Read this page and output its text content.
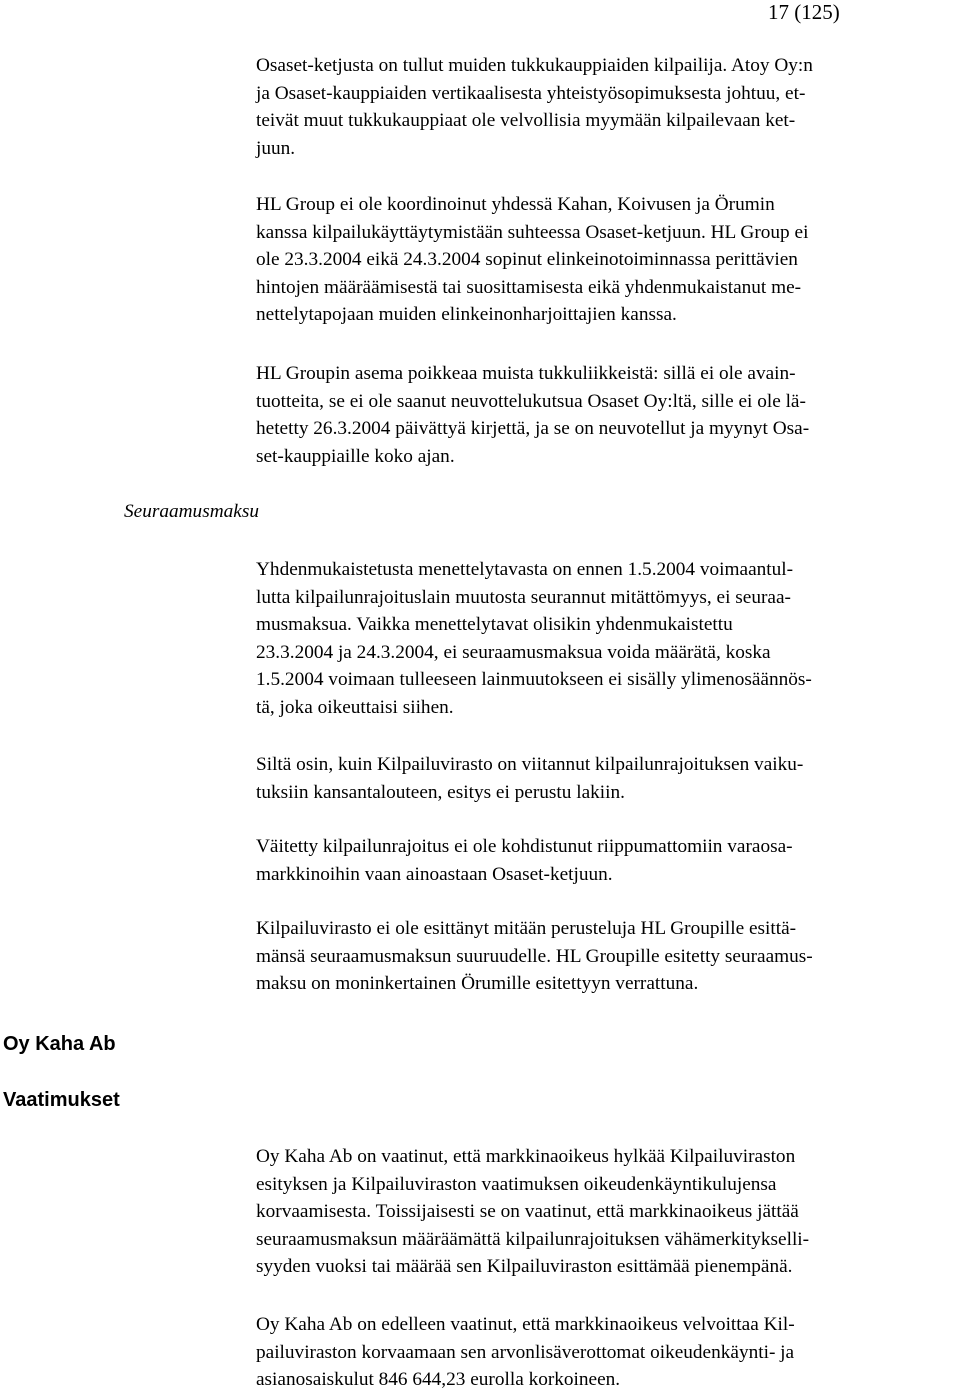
17 (125)
Osaset-ketjusta on tullut muiden tukkukauppiaiden kilpailija. Atoy Oy:n
ja Osaset-kauppiaiden vertikaalisesta yhteistyösopimuksesta johtuu, et-
teivät muut tukkukauppiaat ole velvollisia myymään kilpailevaan ket-
juun.
HL Group ei ole koordinoinut yhdessä Kahan, Koivusen ja Örumin
kanssa kilpailukäyttäytymistään suhteessa Osaset-ketjuun. HL Group ei
ole 23.3.2004 eikä 24.3.2004 sopinut elinkeinotoiminnassa perittävien
hintojen määräämisestä tai suosittamisesta eikä yhdenmukaistanut me-
nettelytapojaan muiden elinkeinonharjoittajien kanssa.
HL Groupin asema poikkeaa muista tukkuliikkeistä: sillä ei ole avain-
tuotteita, se ei ole saanut neuvottelukutsua Osaset Oy:ltä, sille ei ole lä-
hetetty 26.3.2004 päivättyä kirjettä, ja se on neuvotellut ja myynyt Osa-
set-kauppiaille koko ajan.
Seuraamusmaksu
Yhdenmukaistetusta menettelytavasta on ennen 1.5.2004 voimaantul-
lutta kilpailunrajoituslain muutosta seurannut mitättömyys, ei seuraa-
musmaksua. Vaikka menettelytavat olisikin yhdenmukaistettu
23.3.2004 ja 24.3.2004, ei seuraamusmaksua voida määrätä, koska
1.5.2004 voimaan tulleeseen lainmuutokseen ei sisälly ylimenosäännös-
tä, joka oikeuttaisi siihen.
Siltä osin, kuin Kilpailuvirasto on viitannut kilpailunrajoituksen vaiku-
tuksiin kansantalouteen, esitys ei perustu lakiin.
Väitetty kilpailunrajoitus ei ole kohdistunut riippumattomiin varaosa-
markkinoihin vaan ainoastaan Osaset-ketjuun.
Kilpailuvirasto ei ole esittänyt mitään perusteluja HL Groupille esittä-
mänsä seuraamusmaksun suuruudelle. HL Groupille esitetty seuraamus-
maksu on moninkertainen Örumille esitettyyn verrattuna.
Oy Kaha Ab
Vaatimukset
Oy Kaha Ab on vaatinut, että markkinaoikeus hylkää Kilpailuviraston
esityksen ja Kilpailuviraston vaatimuksen oikeudenkäyntikulujensa
korvaamisesta. Toissijaisesti se on vaatinut, että markkinaoikeus jättää
seuraamusmaksun määräämättä kilpailunrajoituksen vähämerkitykselli-
syyden vuoksi tai määrää sen Kilpailuviraston esittämää pienempänä.
Oy Kaha Ab on edelleen vaatinut, että markkinaoikeus velvoittaa Kil-
pailuviraston korvaamaan sen arvonlisäverottomat oikeudenkäynti- ja
asianosaiskulut 846 644,23 eurolla korkoineen.
